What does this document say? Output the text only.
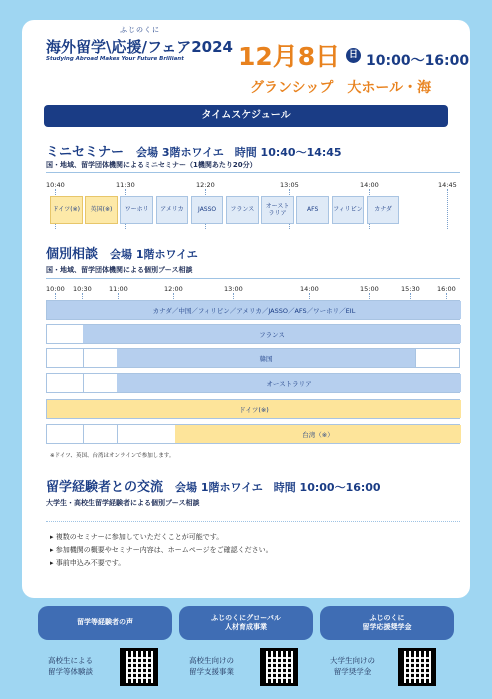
ふじのくに
海外留学\応援/フェア2024
Studying Abroad Makes Your Future Brilliant 12月8日 日 10:00〜16:00
グランシップ　大ホール・海
タイムスケジュール
ミニセミナー 会場 3階ホワイエ　時間 10:40〜14:45
国・地域、留学団体機関によるミニセミナー（1機関あたり20分）
10:40	11:30	12:20	13:05	14:00	14:45
ドイツ(※)	英国(※)	ワーホリ	アメリカ	JASSO	フランス
オースト
ラリア
AFS	フィリピン	カナダ
個別相談 会場 1階ホワイエ
国・地域、留学団体機関による個別ブース相談
10:00 10:30	11:00	12:00	13:00	14:00	15:00	15:30	16:00
カナダ／中国／フィリピン／アメリカ／JASSO／AFS／ワーホリ／EIL
フランス
韓国
オーストラリア
ドイツ(※)
台湾（※）
※ドイツ、英国、台湾はオンラインで参加します。
留学経験者との交流 会場 1階ホワイエ　時間 10:00〜16:00
大学生・高校生留学経験者による個別ブース相談
▸ 複数のセミナーに参加していただくことが可能です。
▸ 参加機関の概要やセミナー内容は、ホームページをご確認ください。
▸ 事前申込み不要です。
留学等経験者の声
ふじのくにグローバル
人材育成事業
ふじのくに
留学応援奨学金
高校生による
留学等体験談
高校生向けの
留学支援事業
大学生向けの
留学奨学金
